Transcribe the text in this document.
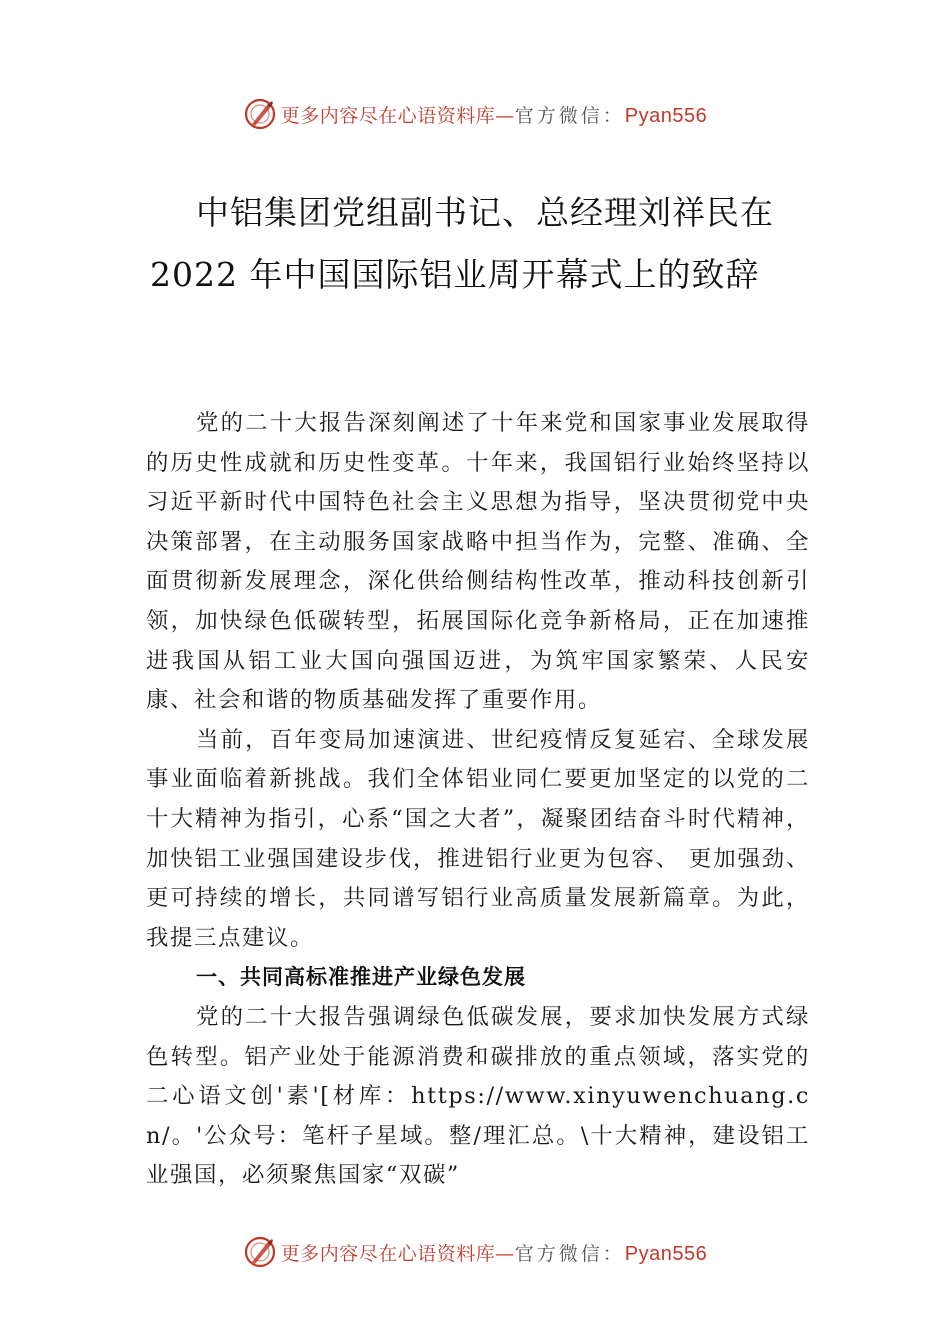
更多内容尽在心语资料库—官方微信：Pyan556
中铝集团党组副书记、总经理刘祥民在 2022 年中国国际铝业周开幕式上的致辞

党的二十大报告深刻阐述了十年来党和国家事业发展取得的历史性成就和历史性变革。十年来，我国铝行业始终坚持以习近平新时代中国特色社会主义思想为指导，坚决贯彻党中央决策部署，在主动服务国家战略中担当作为，完整、准确、全面贯彻新发展理念，深化供给侧结构性改革，推动科技创新引领，加快绿色低碳转型，拓展国际化竞争新格局，正在加速推进我国从铝工业大国向强国迈进，为筑牢国家繁荣、人民安康、社会和谐的物质基础发挥了重要作用。

当前，百年变局加速演进、世纪疫情反复延宕、全球发展事业面临着新挑战。我们全体铝业同仁要更加坚定的以党的二十大精神为指引，心系“国之大者”，凝聚团结奋斗时代精神，加快铝工业强国建设步伐，推进铝行业更为包容、 更加强劲、更可持续的增长，共同谱写铝行业高质量发展新篇章。为此，我提三点建议。

一、共同高标准推进产业绿色发展

党的二十大报告强调绿色低碳发展，要求加快发展方式绿色转型。铝产业处于能源消费和碳排放的重点领域，落实党的二心语文创'素'[材库：https://www.xinyuwenchuang.cn/。'公众号：笔杆子星域。整/理汇总。\十大精神，建设铝工业强国，必须聚焦国家“双碳”

更多内容尽在心语资料库—官方微信：Pyan556
